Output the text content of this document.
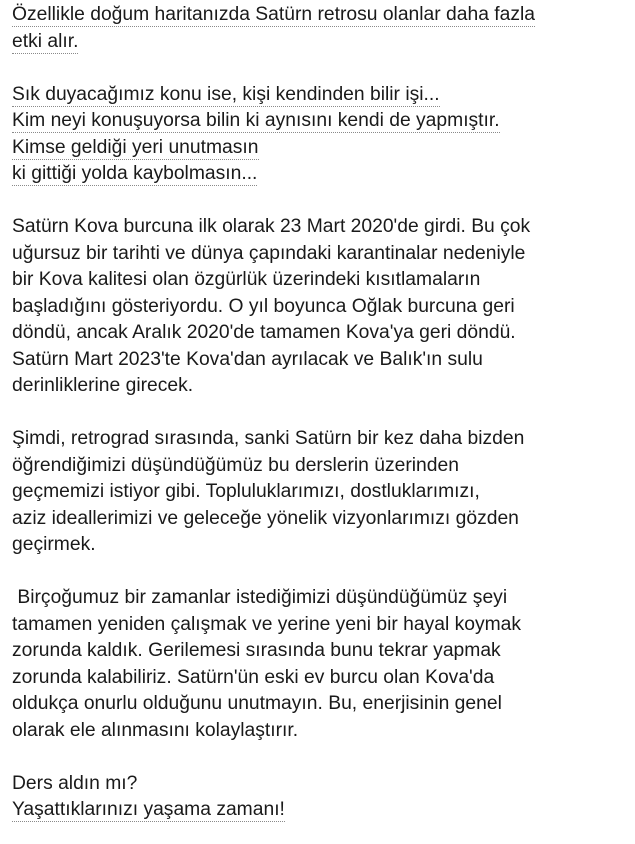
Özellikle doğum haritanızda Satürn retrosu olanlar daha fazla
etki alır.
Sık duyacağımız konu ise, kişi kendinden bilir işi...
Kim neyi konuşuyorsa bilin ki aynısını kendi de yapmıştır.
Kimse geldiği yeri unutmasın
ki gittiği yolda kaybolmasın...
Satürn Kova burcuna ilk olarak 23 Mart 2020'de girdi. Bu çok
uğursuz bir tarihti ve dünya çapındaki karantinalar nedeniyle
bir Kova kalitesi olan özgürlük üzerindeki kısıtlamaların
başladığını gösteriyordu. O yıl boyunca Oğlak burcuna geri
döndü, ancak Aralık 2020'de tamamen Kova'ya geri döndü.
Satürn Mart 2023'te Kova'dan ayrılacak ve Balık'ın sulu
derinliklerine girecek.
Şimdi, retrograd sırasında, sanki Satürn bir kez daha bizden
öğrendiğimizi düşündüğümüz bu derslerin üzerinden
geçmemizi istiyor gibi. Topluluklarımızı, dostluklarımızı,
aziz ideallerimizi ve geleceğe yönelik vizyonlarımızı gözden
geçirmek.
Birçoğumuz bir zamanlar istediğimizi düşündüğümüz şeyi
tamamen yeniden çalışmak ve yerine yeni bir hayal koymak
zorunda kaldık. Gerilemesi sırasında bunu tekrar yapmak
zorunda kalabiliriz. Satürn'ün eski ev burcu olan Kova'da
oldukça onurlu olduğunu unutmayın. Bu, enerjisinin genel
olarak ele alınmasını kolaylaştırır.
Ders aldın mı?
Yaşattıklarınızı yaşama zamanı!
